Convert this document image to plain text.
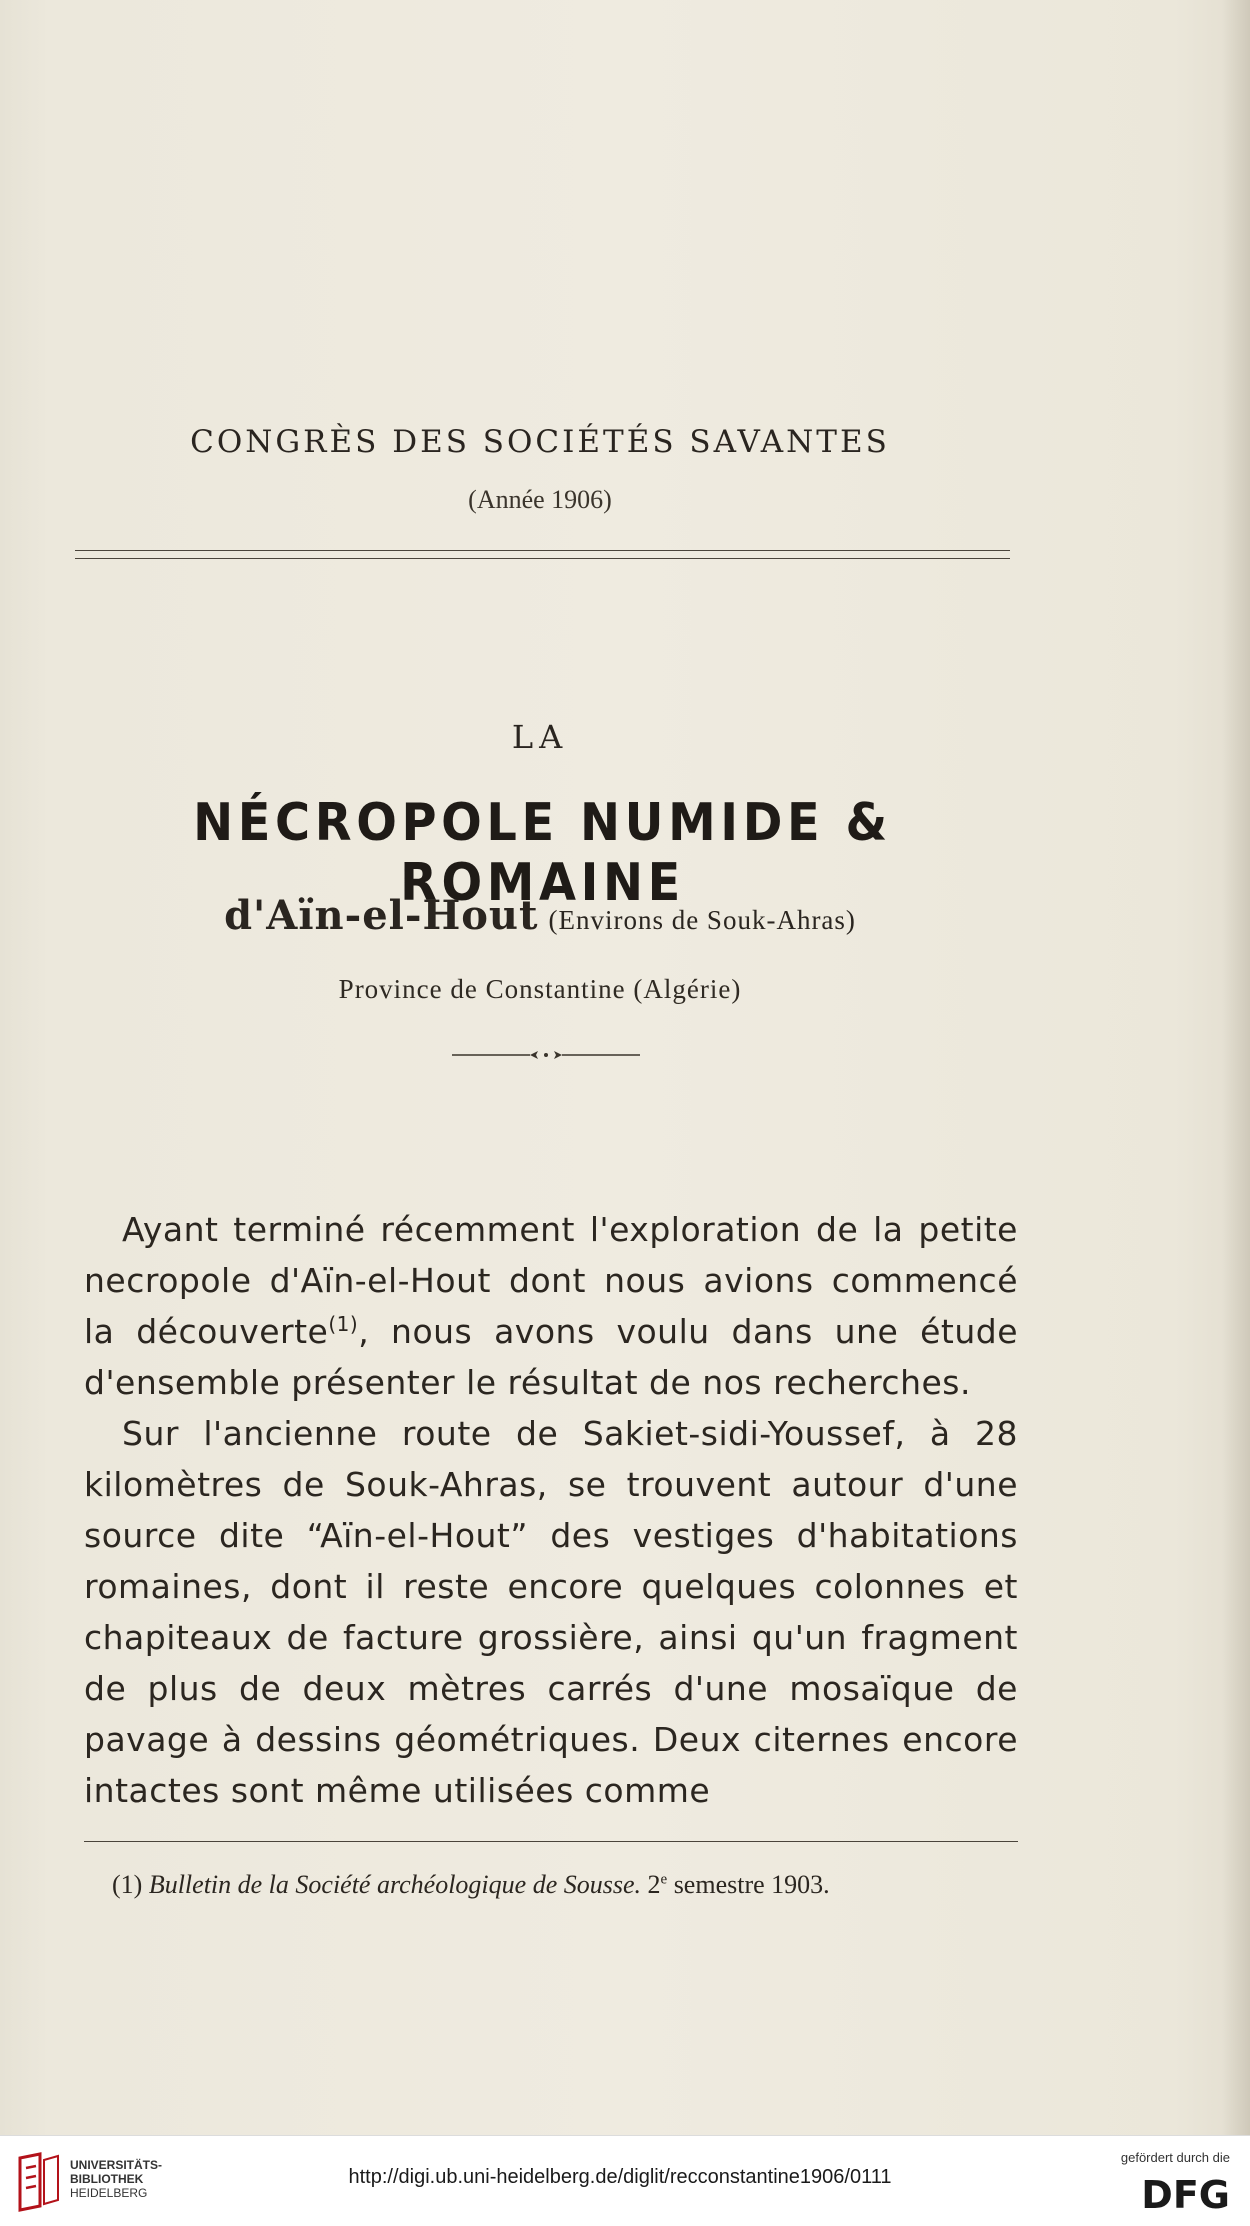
CONGRÈS DES SOCIÉTÉS SAVANTES
(Année 1906)
LA
NÉCROPOLE NUMIDE & ROMAINE
d'Aïn-el-Hout (Environs de Souk-Ahras)
Province de Constantine (Algérie)

Ayant terminé récemment l'exploration de la petite necropole d'Aïn-el-Hout dont nous avions commencé la découverte$^{(1)}$, nous avons voulu dans une étude d'ensemble présenter le résultat de nos recherches.

Sur l'ancienne route de Sakiet-sidi-Youssef, à 28 kilomètres de Souk-Ahras, se trouvent autour d'une source dite “Aïn-el-Hout” des vestiges d'habitations romaines, dont il reste encore quelques colonnes et chapiteaux de facture grossière, ainsi qu'un fragment de plus de deux mètres carrés d'une mosaïque de pavage à dessins géométriques. Deux citernes encore intactes sont même utilisées comme

(1) Bulletin de la Société archéologique de Sousse. 2e semestre 1903.
UNIVERSITÄTS-
BIBLIOTHEK
HEIDELBERG
http://digi.ub.uni-heidelberg.de/diglit/recconstantine1906/0111
gefördert durch die
DFG
